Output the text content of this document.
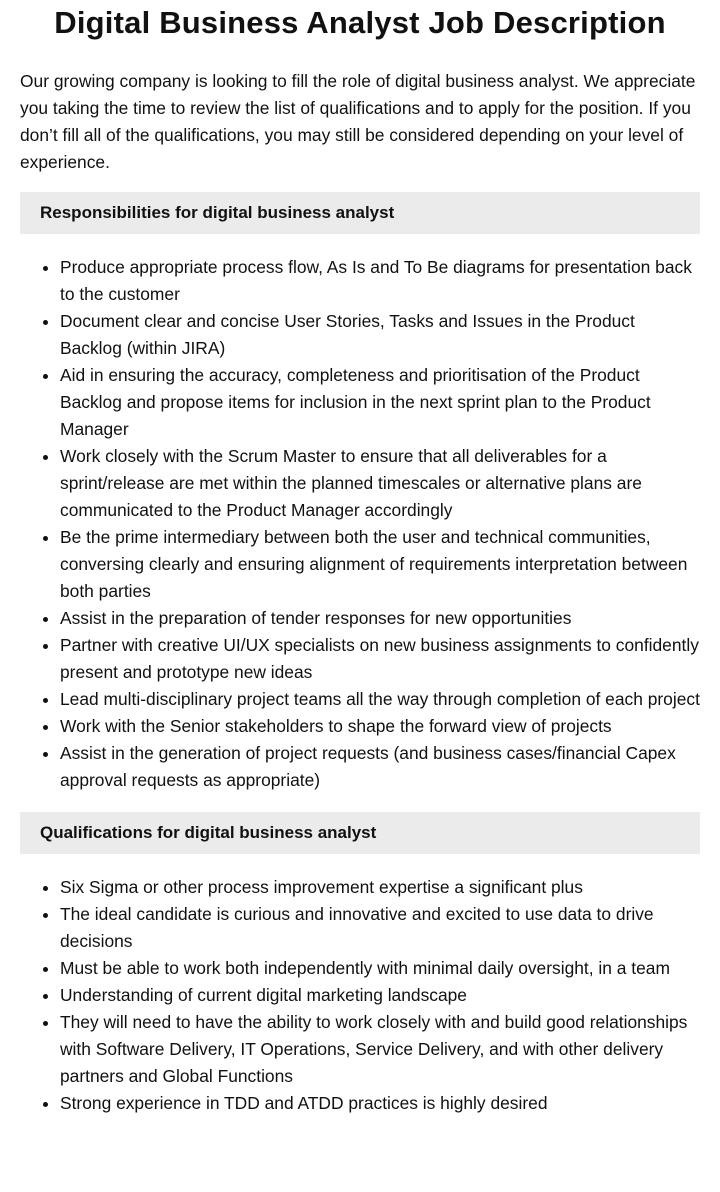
Digital Business Analyst Job Description

Our growing company is looking to fill the role of digital business analyst. We appreciate you taking the time to review the list of qualifications and to apply for the position. If you don’t fill all of the qualifications, you may still be considered depending on your level of experience.

Responsibilities for digital business analyst
• Produce appropriate process flow, As Is and To Be diagrams for presentation back to the customer
• Document clear and concise User Stories, Tasks and Issues in the Product Backlog (within JIRA)
• Aid in ensuring the accuracy, completeness and prioritisation of the Product Backlog and propose items for inclusion in the next sprint plan to the Product Manager
• Work closely with the Scrum Master to ensure that all deliverables for a sprint/release are met within the planned timescales or alternative plans are communicated to the Product Manager accordingly
• Be the prime intermediary between both the user and technical communities, conversing clearly and ensuring alignment of requirements interpretation between both parties
• Assist in the preparation of tender responses for new opportunities
• Partner with creative UI/UX specialists on new business assignments to confidently present and prototype new ideas
• Lead multi-disciplinary project teams all the way through completion of each project
• Work with the Senior stakeholders to shape the forward view of projects
• Assist in the generation of project requests (and business cases/financial Capex approval requests as appropriate)
Qualifications for digital business analyst
• Six Sigma or other process improvement expertise a significant plus
• The ideal candidate is curious and innovative and excited to use data to drive decisions
• Must be able to work both independently with minimal daily oversight, in a team
• Understanding of current digital marketing landscape
• They will need to have the ability to work closely with and build good relationships with Software Delivery, IT Operations, Service Delivery, and with other delivery partners and Global Functions
• Strong experience in TDD and ATDD practices is highly desired
